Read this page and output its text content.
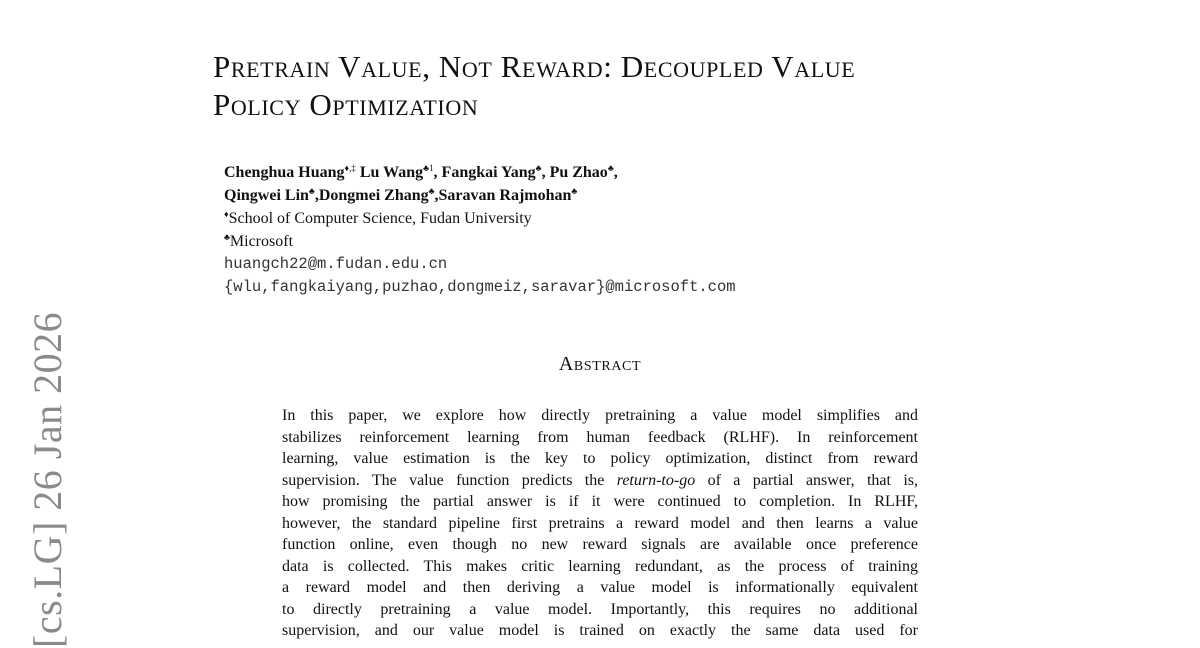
[cs.LG] 26 Jan 2026
Pretrain Value, Not Reward: Decoupled Value
Policy Optimization
Chenghua Huang♦,‡ Lu Wang$^{♣1}$, Fangkai Yang♣, Pu Zhao♣,
Qingwei Lin♣,Dongmei Zhang♣,Saravan Rajmohan♣
♦School of Computer Science, Fudan University
♣Microsoft
huangch22@m.fudan.edu.cn
{wlu,fangkaiyang,puzhao,dongmeiz,saravar}@microsoft.com
Abstract
In this paper, we explore how directly pretraining a value model simplifies and
stabilizes reinforcement learning from human feedback (RLHF). In reinforcement
learning, value estimation is the key to policy optimization, distinct from reward
supervision. The value function predicts the return-to-go of a partial answer, that is,
how promising the partial answer is if it were continued to completion. In RLHF,
however, the standard pipeline first pretrains a reward model and then learns a value
function online, even though no new reward signals are available once preference
data is collected. This makes critic learning redundant, as the process of training
a reward model and then deriving a value model is informationally equivalent
to directly pretraining a value model. Importantly, this requires no additional
supervision, and our value model is trained on exactly the same data used for
